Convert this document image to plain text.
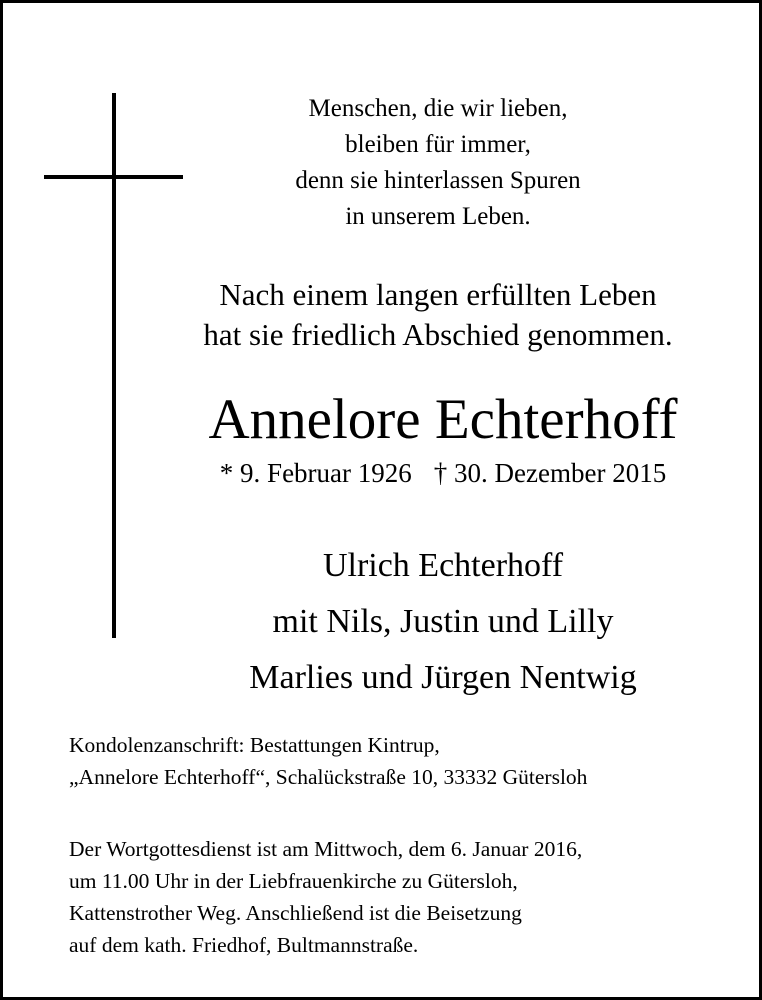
Menschen, die wir lieben,
bleiben für immer,
denn sie hinterlassen Spuren
in unserem Leben.
Nach einem langen erfüllten Leben
hat sie friedlich Abschied genommen.
Annelore Echterhoff
* 9. Februar 1926 † 30. Dezember 2015
Ulrich Echterhoff
mit Nils, Justin und Lilly
Marlies und Jürgen Nentwig
Kondolenzanschrift: Bestattungen Kintrup,
„Annelore Echterhoff“, Schalückstraße 10, 33332 Gütersloh
Der Wortgottesdienst ist am Mittwoch, dem 6. Januar 2016,
um 11.00 Uhr in der Liebfrauenkirche zu Gütersloh,
Kattenstrother Weg. Anschließend ist die Beisetzung
auf dem kath. Friedhof, Bultmannstraße.
